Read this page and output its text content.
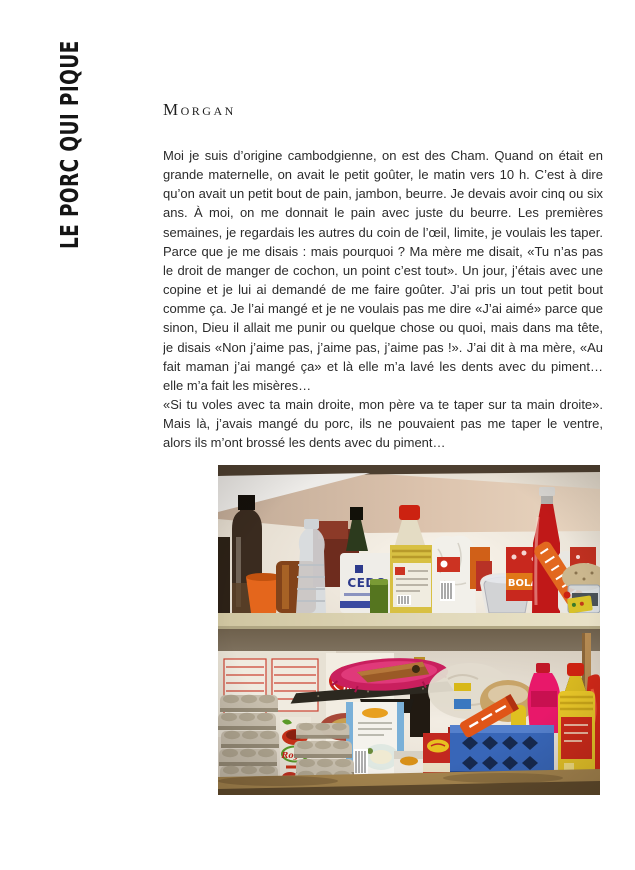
LE PORC QUI PIQUE	Morgan

Moi je suis d’origine cambodgienne, on est des Cham. Quand on était en grande maternelle, on avait le petit goûter, le matin vers 10 h. C’est à dire qu’on avait un petit bout de pain, jambon, beurre. Je devais avoir cinq ou six ans. À moi, on me donnait le pain avec juste du beurre. Les premières semaines, je regardais les autres du coin de l’œil, limite, je voulais les taper. Parce que je me disais : mais pourquoi ? Ma mère me disait, «Tu n’as pas le droit de manger de cochon, un point c’est tout». Un jour, j’étais avec une copine et je lui ai demandé de me faire goûter. J’ai pris un tout petit bout comme ça. Je l’ai mangé et je ne voulais pas me dire «J’ai aimé» parce que sinon, Dieu il allait me punir ou quelque chose ou quoi, mais dans ma tête, je disais «Non j’aime pas, j’aime pas, j’aime pas !». J’ai dit à ma mère, «Au fait maman j’ai mangé ça» et là elle m’a lavé les dents avec du piment… elle m’a fait les misères…

«Si tu voles avec ta main droite, mon père va te taper sur ta main droite». Mais là, j’avais mangé du porc, ils ne pouvaient pas me taper le ventre, alors ils m’ont brossé les dents avec du piment…
